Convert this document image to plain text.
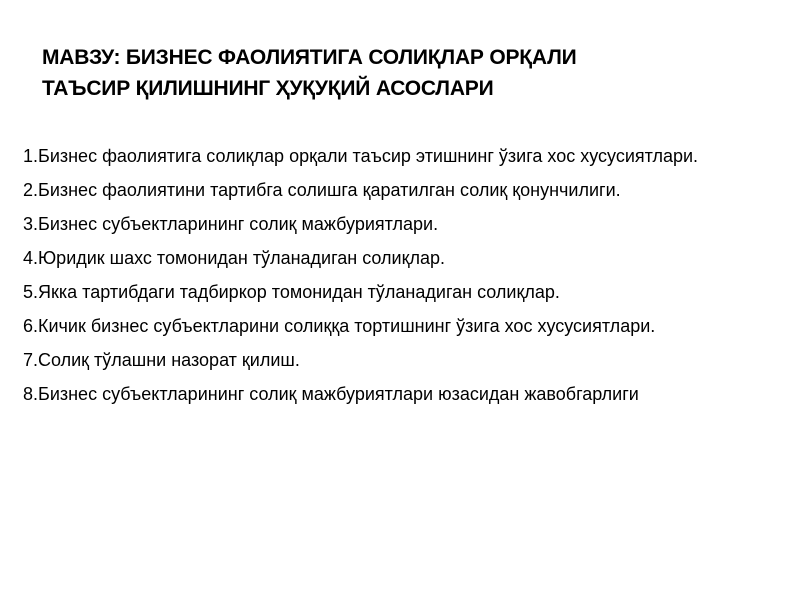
МАВЗУ: БИЗНЕС ФАОЛИЯТИГА СОЛИҚЛАР ОРҚАЛИ
ТАЪСИР ҚИЛИШНИНГ ҲУҚУҚИЙ АСОСЛАРИ
1. Бизнес фаолиятига солиқлар орқали таъсир этишнинг ўзига хос хусусиятлари.
2. Бизнес фаолиятини тартибга солишга қаратилган солиқ қонунчилиги.
3. Бизнес субъектларининг солиқ мажбуриятлари.
4. Юридик шахс томонидан тўланадиган солиқлар.
5. Якка тартибдаги тадбиркор томонидан тўланадиган солиқлар.
6. Кичик бизнес субъектларини солиққа тортишнинг ўзига хос хусусиятлари.
7. Солиқ тўлашни назорат қилиш.
8. Бизнес субъектларининг солиқ мажбуриятлари юзасидан жавобгарлиги
